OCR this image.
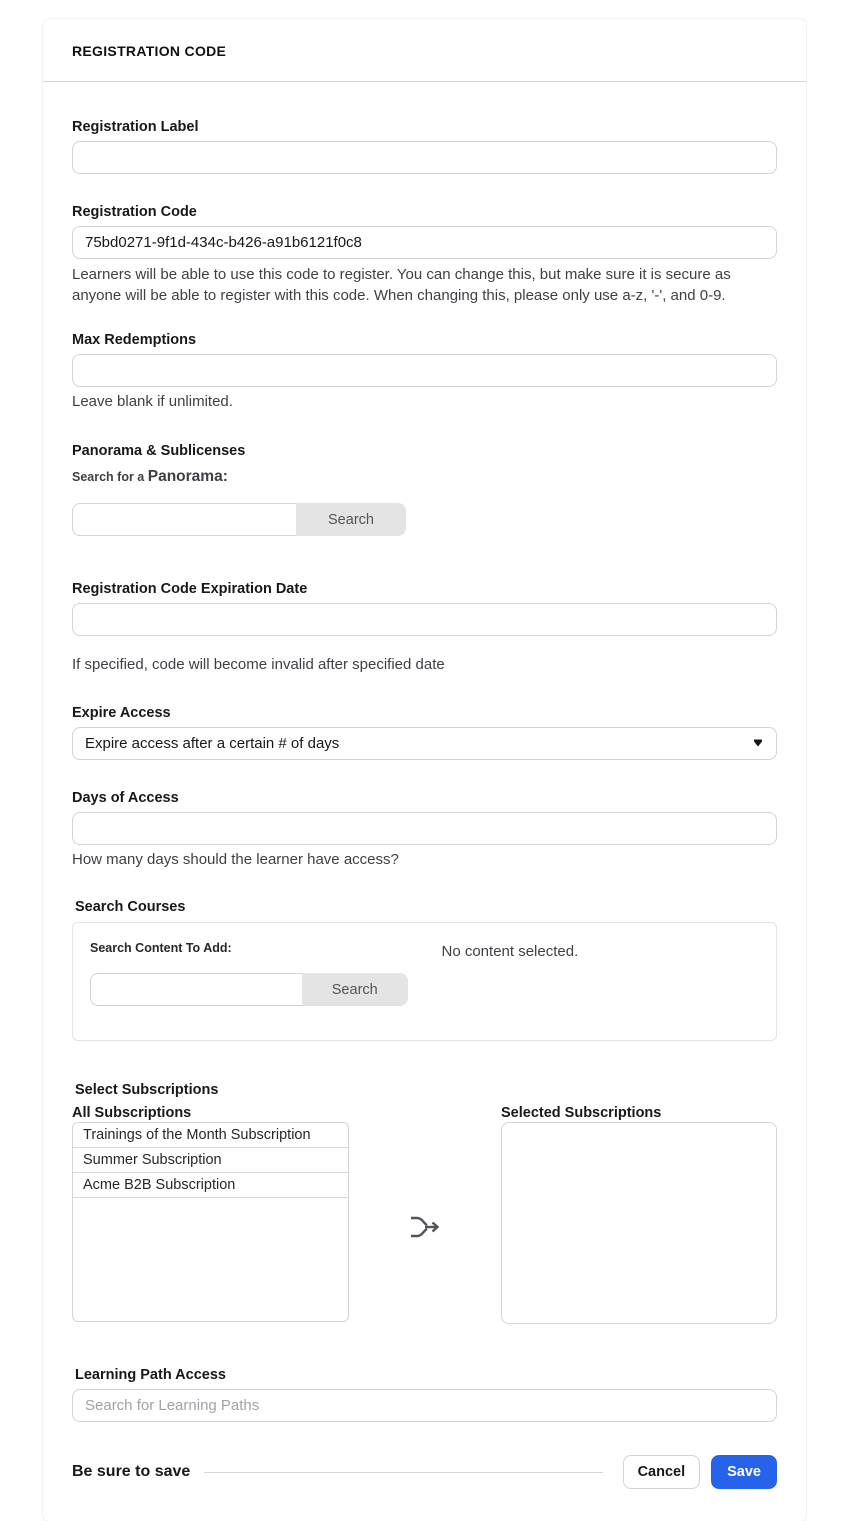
REGISTRATION CODE
Registration Label
Registration Code
75bd0271-9f1d-434c-b426-a91b6121f0c8
Learners will be able to use this code to register. You can change this, but make sure it is secure as anyone will be able to register with this code. When changing this, please only use a-z, '-', and 0-9.
Max Redemptions
Leave blank if unlimited.
Panorama & Sublicenses
Search for a Panorama:
Search
Registration Code Expiration Date
If specified, code will become invalid after specified date
Expire Access
Expire access after a certain # of days
Days of Access
How many days should the learner have access?
Search Courses
Search Content To Add:
Search
No content selected.
Select Subscriptions
All Subscriptions
Trainings of the Month Subscription
Summer Subscription
Acme B2B Subscription
Selected Subscriptions
Learning Path Access
Search for Learning Paths
Be sure to save	Cancel	Save
